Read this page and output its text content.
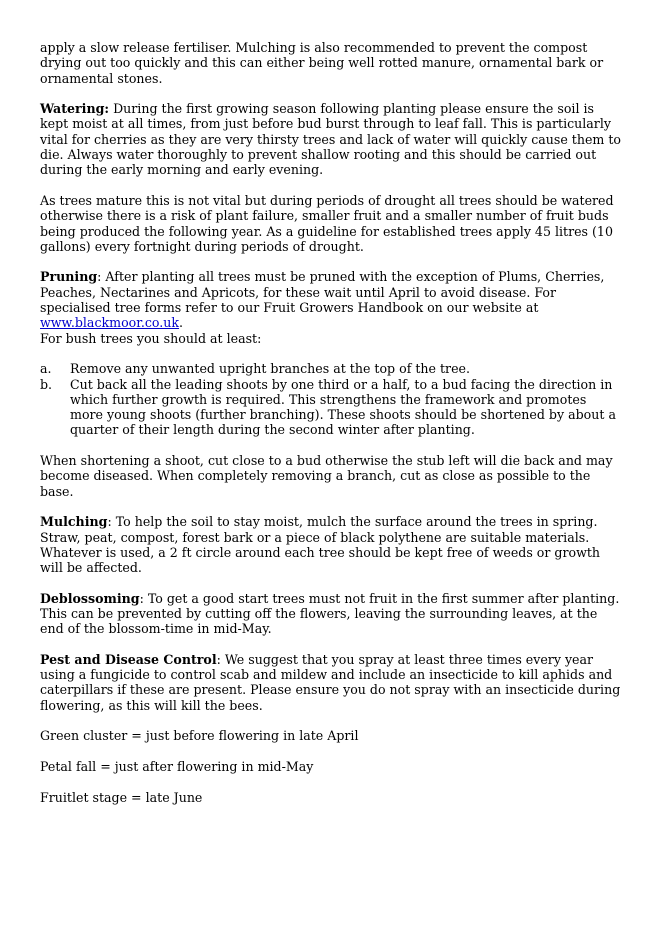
apply a slow release fertiliser. Mulching is also recommended to prevent the compost drying out too quickly and this can either being well rotted manure, ornamental bark or ornamental stones.

Watering: During the first growing season following planting please ensure the soil is kept moist at all times, from just before bud burst through to leaf fall. This is particularly vital for cherries as they are very thirsty trees and lack of water will quickly cause them to die. Always water thoroughly to prevent shallow rooting and this should be carried out during the early morning and early evening.

As trees mature this is not vital but during periods of drought all trees should be watered otherwise there is a risk of plant failure, smaller fruit and a smaller number of fruit buds being produced the following year. As a guideline for established trees apply 45 litres (10 gallons) every fortnight during periods of drought.

Pruning: After planting all trees must be pruned with the exception of Plums, Cherries, Peaches, Nectarines and Apricots, for these wait until April to avoid disease. For specialised tree forms refer to our Fruit Growers Handbook on our website at www.blackmoor.co.uk.

For bush trees you should at least:

a. Remove any unwanted upright branches at the top of the tree.
b. Cut back all the leading shoots by one third or a half, to a bud facing the direction in which further growth is required. This strengthens the framework and promotes more young shoots (further branching). These shoots should be shortened by about a quarter of their length during the second winter after planting.

When shortening a shoot, cut close to a bud otherwise the stub left will die back and may become diseased. When completely removing a branch, cut as close as possible to the base.

Mulching: To help the soil to stay moist, mulch the surface around the trees in spring. Straw, peat, compost, forest bark or a piece of black polythene are suitable materials. Whatever is used, a 2 ft circle around each tree should be kept free of weeds or growth will be affected.

Deblossoming: To get a good start trees must not fruit in the first summer after planting. This can be prevented by cutting off the flowers, leaving the surrounding leaves, at the end of the blossom-time in mid-May.

Pest and Disease Control: We suggest that you spray at least three times every year using a fungicide to control scab and mildew and include an insecticide to kill aphids and caterpillars if these are present. Please ensure you do not spray with an insecticide during flowering, as this will kill the bees.

Green cluster = just before flowering in late April

Petal fall = just after flowering in mid-May

Fruitlet stage = late June
